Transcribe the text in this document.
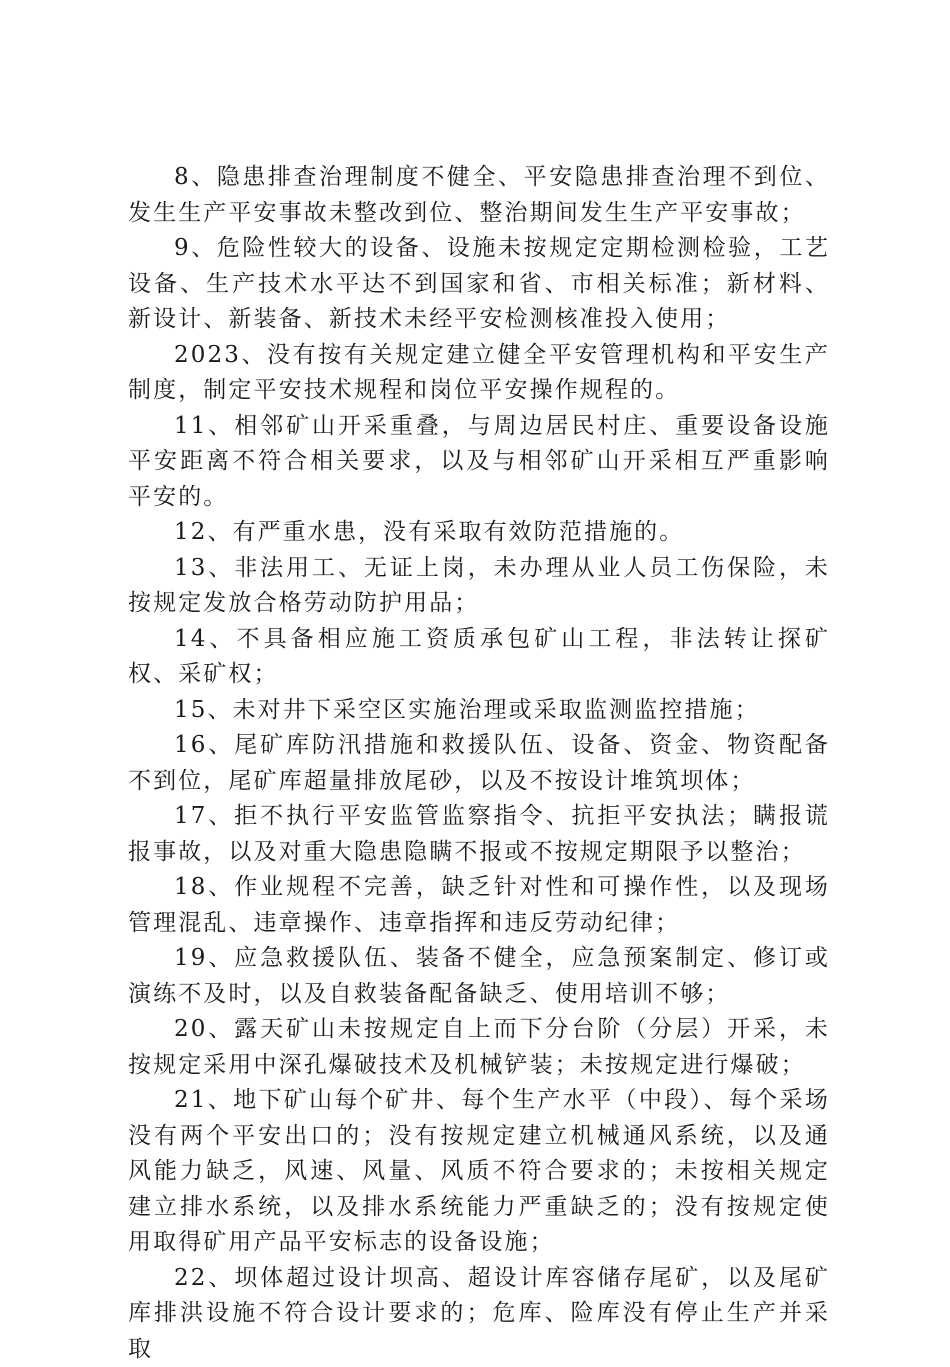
8、隐患排查治理制度不健全、平安隐患排查治理不到位、发生生产平安事故未整改到位、整治期间发生生产平安事故；

9、危险性较大的设备、设施未按规定定期检测检验，工艺设备、生产技术水平达不到国家和省、市相关标准；新材料、新设计、新装备、新技术未经平安检测核准投入使用；

2023、没有按有关规定建立健全平安管理机构和平安生产制度，制定平安技术规程和岗位平安操作规程的。

11、相邻矿山开采重叠，与周边居民村庄、重要设备设施平安距离不符合相关要求，以及与相邻矿山开采相互严重影响平安的。

12、有严重水患，没有采取有效防范措施的。

13、非法用工、无证上岗，未办理从业人员工伤保险，未按规定发放合格劳动防护用品；

14、不具备相应施工资质承包矿山工程，非法转让探矿权、采矿权；

15、未对井下采空区实施治理或采取监测监控措施；

16、尾矿库防汛措施和救援队伍、设备、资金、物资配备不到位，尾矿库超量排放尾砂，以及不按设计堆筑坝体；

17、拒不执行平安监管监察指令、抗拒平安执法；瞒报谎报事故，以及对重大隐患隐瞒不报或不按规定期限予以整治；

18、作业规程不完善，缺乏针对性和可操作性，以及现场管理混乱、违章操作、违章指挥和违反劳动纪律；

19、应急救援队伍、装备不健全，应急预案制定、修订或演练不及时，以及自救装备配备缺乏、使用培训不够；

20、露天矿山未按规定自上而下分台阶（分层）开采，未按规定采用中深孔爆破技术及机械铲装；未按规定进行爆破；

21、地下矿山每个矿井、每个生产水平（中段）、每个采场没有两个平安出口的；没有按规定建立机械通风系统，以及通风能力缺乏，风速、风量、风质不符合要求的；未按相关规定建立排水系统，以及排水系统能力严重缺乏的；没有按规定使用取得矿用产品平安标志的设备设施；

22、坝体超过设计坝高、超设计库容储存尾矿，以及尾矿库排洪设施不符合设计要求的；危库、险库没有停止生产并采取
